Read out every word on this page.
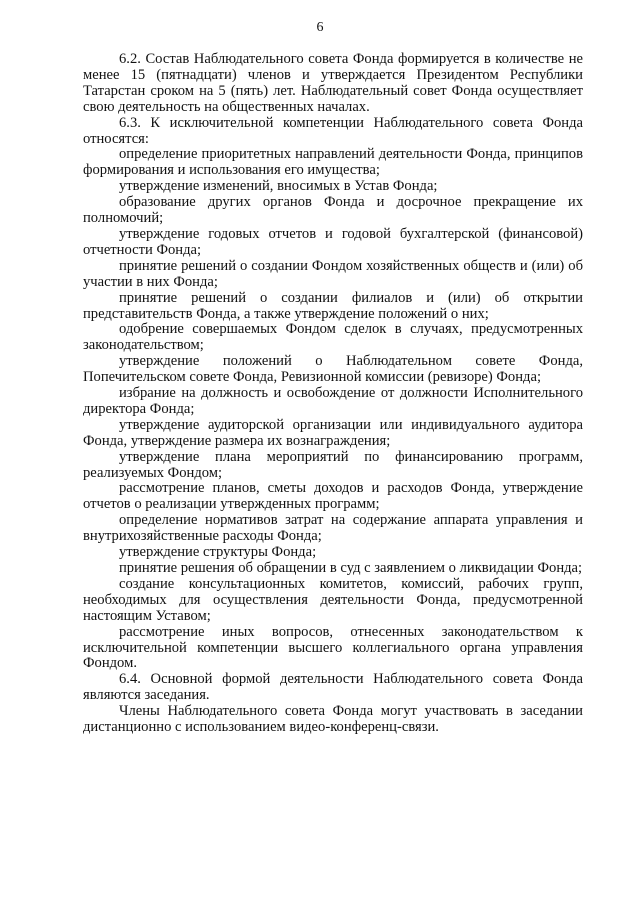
6

6.2. Состав Наблюдательного совета Фонда формируется в количестве не менее 15 (пятнадцати) членов и утверждается Президентом Республики Татарстан сроком на 5 (пять) лет. Наблюдательный совет Фонда осуществляет свою деятельность на общественных началах.

6.3. К исключительной компетенции Наблюдательного совета Фонда относятся:

определение приоритетных направлений деятельности Фонда, принципов формирования и использования его имущества;

утверждение изменений, вносимых в Устав Фонда;

образование других органов Фонда и досрочное прекращение их полномочий;

утверждение годовых отчетов и годовой бухгалтерской (финансовой) отчетности Фонда;

принятие решений о создании Фондом хозяйственных обществ и (или) об участии в них Фонда;

принятие решений о создании филиалов и (или) об открытии представительств Фонда, а также утверждение положений о них;

одобрение совершаемых Фондом сделок в случаях, предусмотренных законодательством;

утверждение положений о Наблюдательном совете Фонда, Попечительском совете Фонда, Ревизионной комиссии (ревизоре) Фонда;

избрание на должность и освобождение от должности Исполнительного директора Фонда;

утверждение аудиторской организации или индивидуального аудитора Фонда, утверждение размера их вознаграждения;

утверждение плана мероприятий по финансированию программ, реализуемых Фондом;

рассмотрение планов, сметы доходов и расходов Фонда, утверждение отчетов о реализации утвержденных программ;

определение нормативов затрат на содержание аппарата управления и внутрихозяйственные расходы Фонда;

утверждение структуры Фонда;

принятие решения об обращении в суд с заявлением о ликвидации Фонда;

создание консультационных комитетов, комиссий, рабочих групп, необходимых для осуществления деятельности Фонда, предусмотренной настоящим Уставом;

рассмотрение иных вопросов, отнесенных законодательством к исключительной компетенции высшего коллегиального органа управления Фондом.

6.4. Основной формой деятельности Наблюдательного совета Фонда являются заседания.

Члены Наблюдательного совета Фонда могут участвовать в заседании дистанционно с использованием видео-конференц-связи.
